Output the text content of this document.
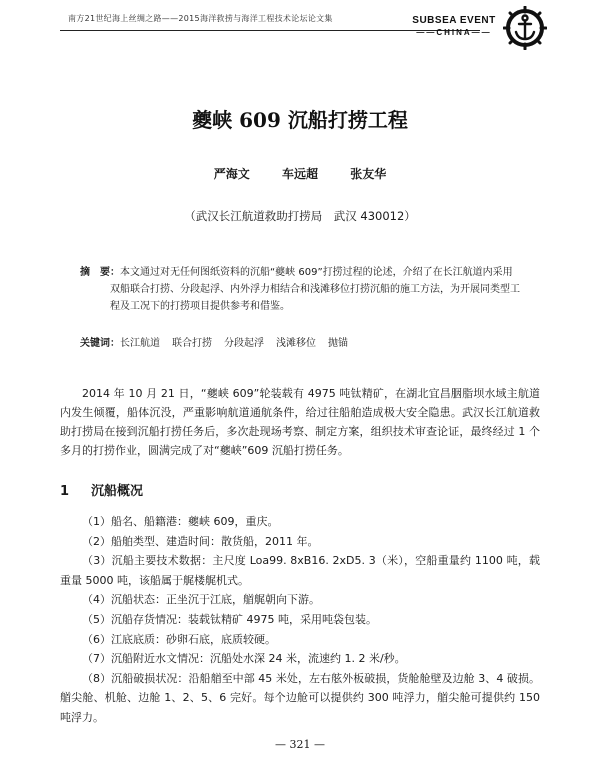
南方21世纪海上丝绸之路——2015海洋救捞与海洋工程技术论坛论文集	SUBSEA EVENT
——CHINA——
夔峡 609 沉船打捞工程
严海文	车远超	张友华
（武汉长江航道救助打捞局　武汉 430012）
摘　要：本文通过对无任何图纸资料的沉船“夔峡 609”打捞过程的论述，介绍了在长江航道内采用双船联合打捞、分段起浮、内外浮力相结合和浅滩移位打捞沉船的施工方法，为开展同类型工程及工况下的打捞项目提供参考和借鉴。
关键词：长江航道 联合打捞 分段起浮 浅滩移位 抛锚
2014 年 10 月 21 日，“夔峡 609”轮装载有 4975 吨钛精矿，在湖北宜昌胭脂坝水域主航道内发生倾覆，船体沉没，严重影响航道通航条件，给过往船舶造成极大安全隐患。武汉长江航道救助打捞局在接到沉船打捞任务后，多次赴现场考察、制定方案，组织技术审查论证，最终经过 1 个多月的打捞作业，圆满完成了对“夔峡”609 沉船打捞任务。
1 沉船概况
（1）船名、船籍港：夔峡 609，重庆。
（2）船舶类型、建造时间：散货船，2011 年。
（3）沉船主要技术数据：主尺度 Loa99. 8xB16. 2xD5. 3（米），空船重量约 1100 吨，载重量 5000 吨，该船属于艉楼艉机式。
（4）沉船状态：正坐沉于江底，艏艉朝向下游。
（5）沉船存货情况：装载钛精矿 4975 吨，采用吨袋包装。
（6）江底底质：砂卵石底，底质较硬。
（7）沉船附近水文情况：沉船处水深 24 米，流速约 1. 2 米/秒。
（8）沉船破损状况：沿船艏至中部 45 米处，左右舷外板破损，货舱舱壁及边舱 3、4 破损。艏尖舱、机舱、边舱 1、2、5、6 完好。每个边舱可以提供约 300 吨浮力，艏尖舱可提供约 150 吨浮力。
— 321 —
